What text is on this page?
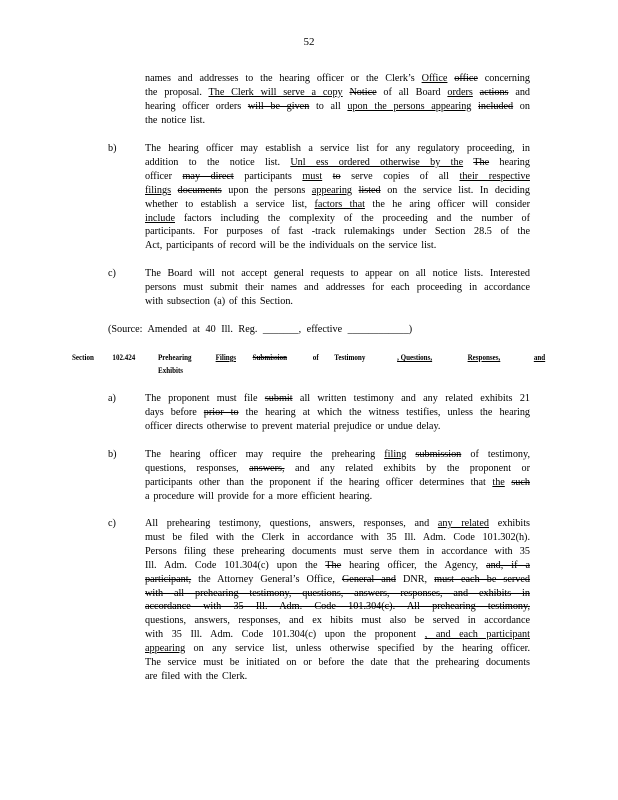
52
names and addresses to the hearing officer or the Clerk’s Office office concerning
the proposal. The Clerk will serve a copy Notice of all Board orders actions and
hearing officer orders will be given to all upon the persons appearing included on
the notice list.
b)	The hearing officer may establish a service list for any regulatory proceeding, in
addition to the notice list. Unl ess ordered otherwise by the The hearing
officer may direct participants must to serve copies of all their respective
filings documents upon the persons appearing listed on the service list. In deciding
whether to establish a service list, factors that the he aring officer will consider
include factors including the complexity of the proceeding and the number of
participants. For purposes of fast -track rulemakings under Section 28.5 of the
Act, participants of record will be the individuals on the service list.
c)	The Board will not accept general requests to appear on all notice lists. Interested
persons must submit their names and addresses for each proceeding in accordance
with subsection (a) of this Section.
(Source: Amended at 40 Ill. Reg. _______, effective ____________)
Section 102.424	Prehearing	Filings Submission	of Testimony	, Questions,	Responses,	and
Exhibits
a)	The proponent must file submit all written testimony and any related exhibits 21
days before prior to the hearing at which the witness testifies, unless the hearing
officer directs otherwise to prevent material prejudice or undue delay.
b)	The hearing officer may require the prehearing filing submission of testimony,
questions, responses, answers, and any related exhibits by the proponent or
participants other than the proponent if the hearing officer determines that the such
a procedure will provide for a more efficient hearing.
c)	All prehearing testimony, questions, answers, responses, and any related exhibits
must be filed with the Clerk in accordance with 35 Ill. Adm. Code 101.302(h).
Persons filing these prehearing documents must serve them in accordance with 35
Ill. Adm. Code 101.304(c) upon the The hearing officer, the Agency, and, if a
participant, the Attorney General’s Office, General and DNR, must each be served
with all prehearing testimony, questions, answers, responses, and exhibits in
accordance with 35 Ill. Adm. Code 101.304(c). All prehearing testimony,
questions, answers, responses, and ex hibits must also be served in accordance
with 35 Ill. Adm. Code 101.304(c) upon the proponent , and each participant
appearing on any service list, unless otherwise specified by the hearing officer.
The service must be initiated on or before the date that the prehearing documents
are filed with the Clerk.
